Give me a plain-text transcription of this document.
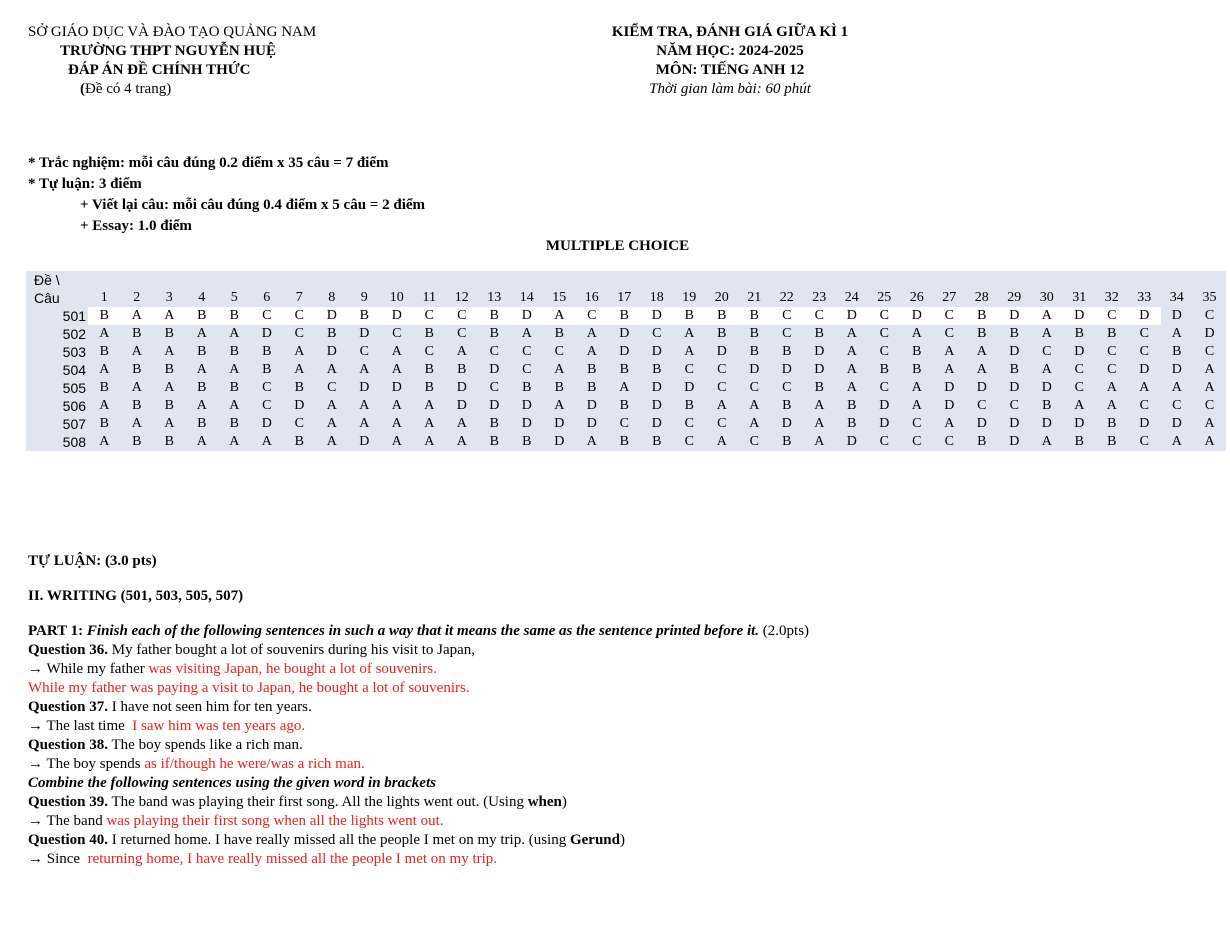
SỞ GIÁO DỤC VÀ ĐÀO TẠO QUẢNG NAM
TRƯỜNG THPT NGUYỄN HUỆ
ĐÁP ÁN ĐỀ CHÍNH THỨC
(Đề có 4 trang)
KIỂM TRA, ĐÁNH GIÁ GIỮA KÌ 1
NĂM HỌC: 2024-2025
MÔN: TIẾNG ANH 12
Thời gian làm bài: 60 phút
* Trắc nghiệm: mỗi câu đúng 0.2 điểm x 35 câu = 7 điểm
* Tự luận: 3 điểm
+ Viết lại câu: mỗi câu đúng 0.4 điểm x 5 câu = 2 điểm
+ Essay: 1.0 điểm
MULTIPLE CHOICE
Đề \																																			
Câu	1	2	3	4	5	6	7	8	9	10	11	12	13	14	15	16	17	18	19	20	21	22	23	24	25	26	27	28	29	30	31	32	33	34	35
501	B	A	A	B	B	C	C	D	B	D	C	C	B	D	A	C	B	D	B	B	B	C	C	D	C	D	C	B	D	A	D	C	D	D	C
502	A	B	B	A	A	D	C	B	D	C	B	C	B	A	B	A	D	C	A	B	B	C	B	A	C	A	C	B	B	A	B	B	C	A	D
503	B	A	A	B	B	B	A	D	C	A	C	A	C	C	C	A	D	D	A	D	B	B	D	A	C	B	A	A	D	C	D	C	C	B	C
504	A	B	B	A	A	B	A	A	A	A	B	B	D	C	A	B	B	B	C	C	D	D	D	A	B	B	A	A	B	A	C	C	D	D	A
505	B	A	A	B	B	C	B	C	D	D	B	D	C	B	B	B	A	D	D	C	C	C	B	A	C	A	D	D	D	D	C	A	A	A	A
506	A	B	B	A	A	C	D	A	A	A	A	D	D	D	A	D	B	D	B	A	A	B	A	B	D	A	D	C	C	B	A	A	C	C	C
507	B	A	A	B	B	D	C	A	A	A	A	A	B	D	D	D	C	D	C	C	A	D	A	B	D	C	A	D	D	D	D	B	D	D	A
508	A	B	B	A	A	A	B	A	D	A	A	A	B	B	D	A	B	B	C	A	C	B	A	D	C	C	C	B	D	A	B	B	C	A	A
TỰ LUẬN: (3.0 pts)
II. WRITING (501, 503, 505, 507)

PART 1: Finish each of the following sentences in such a way that it means the same as the sentence printed before it. (2.0pts)

Question 36. My father bought a lot of souvenirs during his visit to Japan,

→ While my father was visiting Japan, he bought a lot of souvenirs.

While my father was paying a visit to Japan, he bought a lot of souvenirs.

Question 37. I have not seen him for ten years.

→ The last time I saw him was ten years ago.

Question 38. The boy spends like a rich man.

→ The boy spends as if/though he were/was a rich man.

Combine the following sentences using the given word in brackets

Question 39. The band was playing their first song. All the lights went out. (Using when)

→ The band was playing their first song when all the lights went out.

Question 40. I returned home. I have really missed all the people I met on my trip. (using Gerund)

→ Since returning home, I have really missed all the people I met on my trip.
